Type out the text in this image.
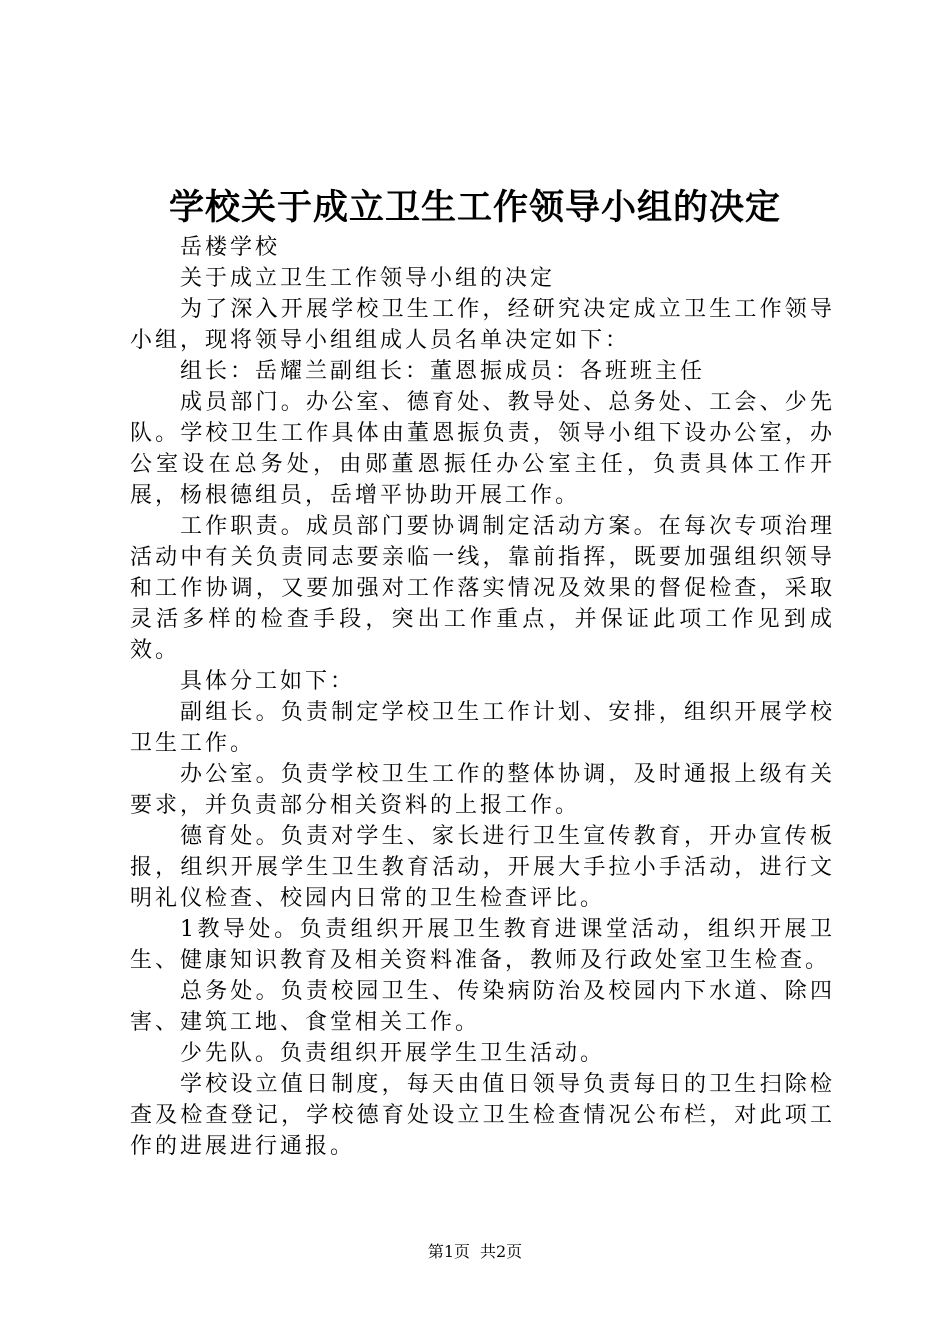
学校关于成立卫生工作领导小组的决定

岳楼学校

关于成立卫生工作领导小组的决定

为了深入开展学校卫生工作，经研究决定成立卫生工作领导小组，现将领导小组组成人员名单决定如下：

组长：岳耀兰副组长：董恩振成员：各班班主任

成员部门。办公室、德育处、教导处、总务处、工会、少先队。学校卫生工作具体由董恩振负责，领导小组下设办公室，办公室设在总务处，由郧董恩振任办公室主任，负责具体工作开展，杨根德组员，岳增平协助开展工作。

工作职责。成员部门要协调制定活动方案。在每次专项治理活动中有关负责同志要亲临一线，靠前指挥，既要加强组织领导和工作协调，又要加强对工作落实情况及效果的督促检查，采取灵活多样的检查手段，突出工作重点，并保证此项工作见到成效。

具体分工如下：

副组长。负责制定学校卫生工作计划、安排，组织开展学校卫生工作。

办公室。负责学校卫生工作的整体协调，及时通报上级有关要求，并负责部分相关资料的上报工作。

德育处。负责对学生、家长进行卫生宣传教育，开办宣传板报，组织开展学生卫生教育活动，开展大手拉小手活动，进行文明礼仪检查、校园内日常的卫生检查评比。

1教导处。负责组织开展卫生教育进课堂活动，组织开展卫生、健康知识教育及相关资料准备，教师及行政处室卫生检查。

总务处。负责校园卫生、传染病防治及校园内下水道、除四害、建筑工地、食堂相关工作。

少先队。负责组织开展学生卫生活动。

学校设立值日制度，每天由值日领导负责每日的卫生扫除检查及检查登记，学校德育处设立卫生检查情况公布栏，对此项工作的进展进行通报。

第1页 共2页
